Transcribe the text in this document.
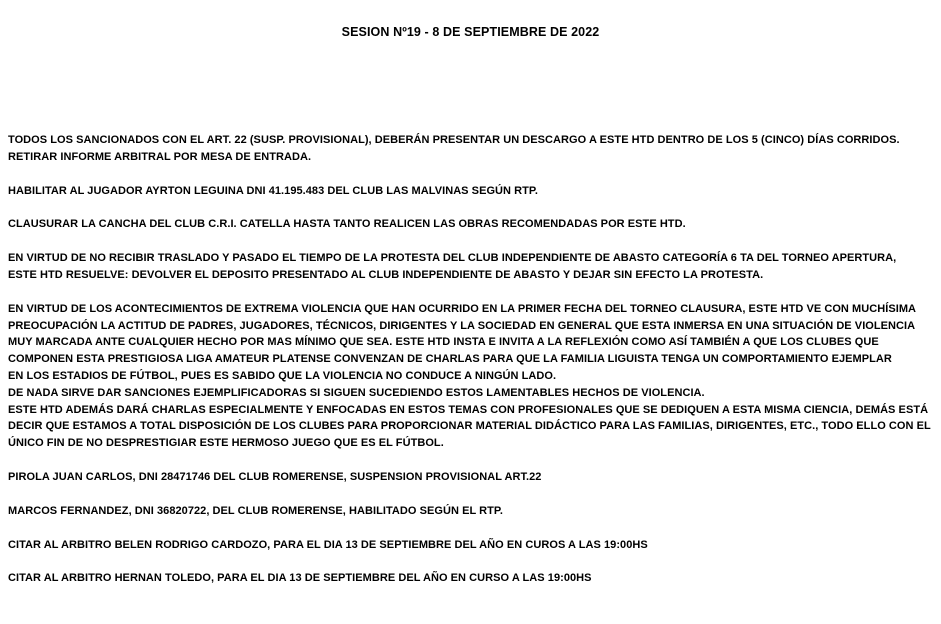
SESION Nº19 - 8 DE SEPTIEMBRE DE 2022

TODOS LOS SANCIONADOS CON EL ART. 22 (SUSP. PROVISIONAL), DEBERÁN PRESENTAR UN DESCARGO A ESTE HTD DENTRO DE LOS 5 (CINCO) DÍAS CORRIDOS.
RETIRAR INFORME ARBITRAL POR MESA DE ENTRADA.

HABILITAR AL JUGADOR AYRTON LEGUINA DNI 41.195.483 DEL CLUB LAS MALVINAS SEGÚN RTP.

CLAUSURAR LA CANCHA DEL CLUB C.R.I. CATELLA HASTA TANTO REALICEN LAS OBRAS RECOMENDADAS POR ESTE HTD.

EN VIRTUD DE NO RECIBIR TRASLADO Y PASADO EL TIEMPO DE LA PROTESTA DEL CLUB INDEPENDIENTE DE ABASTO CATEGORÍA 6 TA DEL TORNEO APERTURA,
ESTE HTD RESUELVE: DEVOLVER EL DEPOSITO PRESENTADO AL CLUB INDEPENDIENTE DE ABASTO Y DEJAR SIN EFECTO LA PROTESTA.

EN VIRTUD DE LOS ACONTECIMIENTOS DE EXTREMA VIOLENCIA QUE HAN OCURRIDO EN LA PRIMER FECHA DEL TORNEO CLAUSURA, ESTE HTD VE CON MUCHÍSIMA
PREOCUPACIÓN LA ACTITUD DE PADRES, JUGADORES, TÉCNICOS, DIRIGENTES Y LA SOCIEDAD EN GENERAL QUE ESTA INMERSA EN UNA SITUACIÓN DE VIOLENCIA
MUY MARCADA ANTE CUALQUIER HECHO POR MAS MÍNIMO QUE SEA. ESTE HTD INSTA E INVITA A LA REFLEXIÓN COMO ASÍ TAMBIÉN A QUE LOS CLUBES QUE
COMPONEN ESTA PRESTIGIOSA LIGA AMATEUR PLATENSE CONVENZAN DE CHARLAS PARA QUE LA FAMILIA LIGUISTA TENGA UN COMPORTAMIENTO EJEMPLAR
EN LOS ESTADIOS DE FÚTBOL, PUES ES SABIDO QUE LA VIOLENCIA NO CONDUCE A NINGÚN LADO.
DE NADA SIRVE DAR SANCIONES EJEMPLIFICADORAS SI SIGUEN SUCEDIENDO ESTOS LAMENTABLES HECHOS DE VIOLENCIA.
ESTE HTD ADEMÁS DARÁ CHARLAS ESPECIALMENTE Y ENFOCADAS EN ESTOS TEMAS CON PROFESIONALES QUE SE DEDIQUEN A ESTA MISMA CIENCIA, DEMÁS ESTÁ
DECIR QUE ESTAMOS A TOTAL DISPOSICIÓN DE LOS CLUBES PARA PROPORCIONAR MATERIAL DIDÁCTICO PARA LAS FAMILIAS, DIRIGENTES, ETC., TODO ELLO CON EL
ÚNICO FIN DE NO DESPRESTIGIAR ESTE HERMOSO JUEGO QUE ES EL FÚTBOL.

PIROLA JUAN CARLOS, DNI 28471746 DEL CLUB ROMERENSE, SUSPENSION PROVISIONAL ART.22

MARCOS FERNANDEZ, DNI 36820722, DEL CLUB ROMERENSE, HABILITADO SEGÚN EL RTP.

CITAR AL ARBITRO BELEN RODRIGO CARDOZO, PARA EL DIA 13 DE SEPTIEMBRE DEL AÑO EN CUROS A LAS 19:00HS

CITAR AL ARBITRO HERNAN TOLEDO, PARA EL DIA 13 DE SEPTIEMBRE DEL AÑO EN CURSO A LAS 19:00HS
